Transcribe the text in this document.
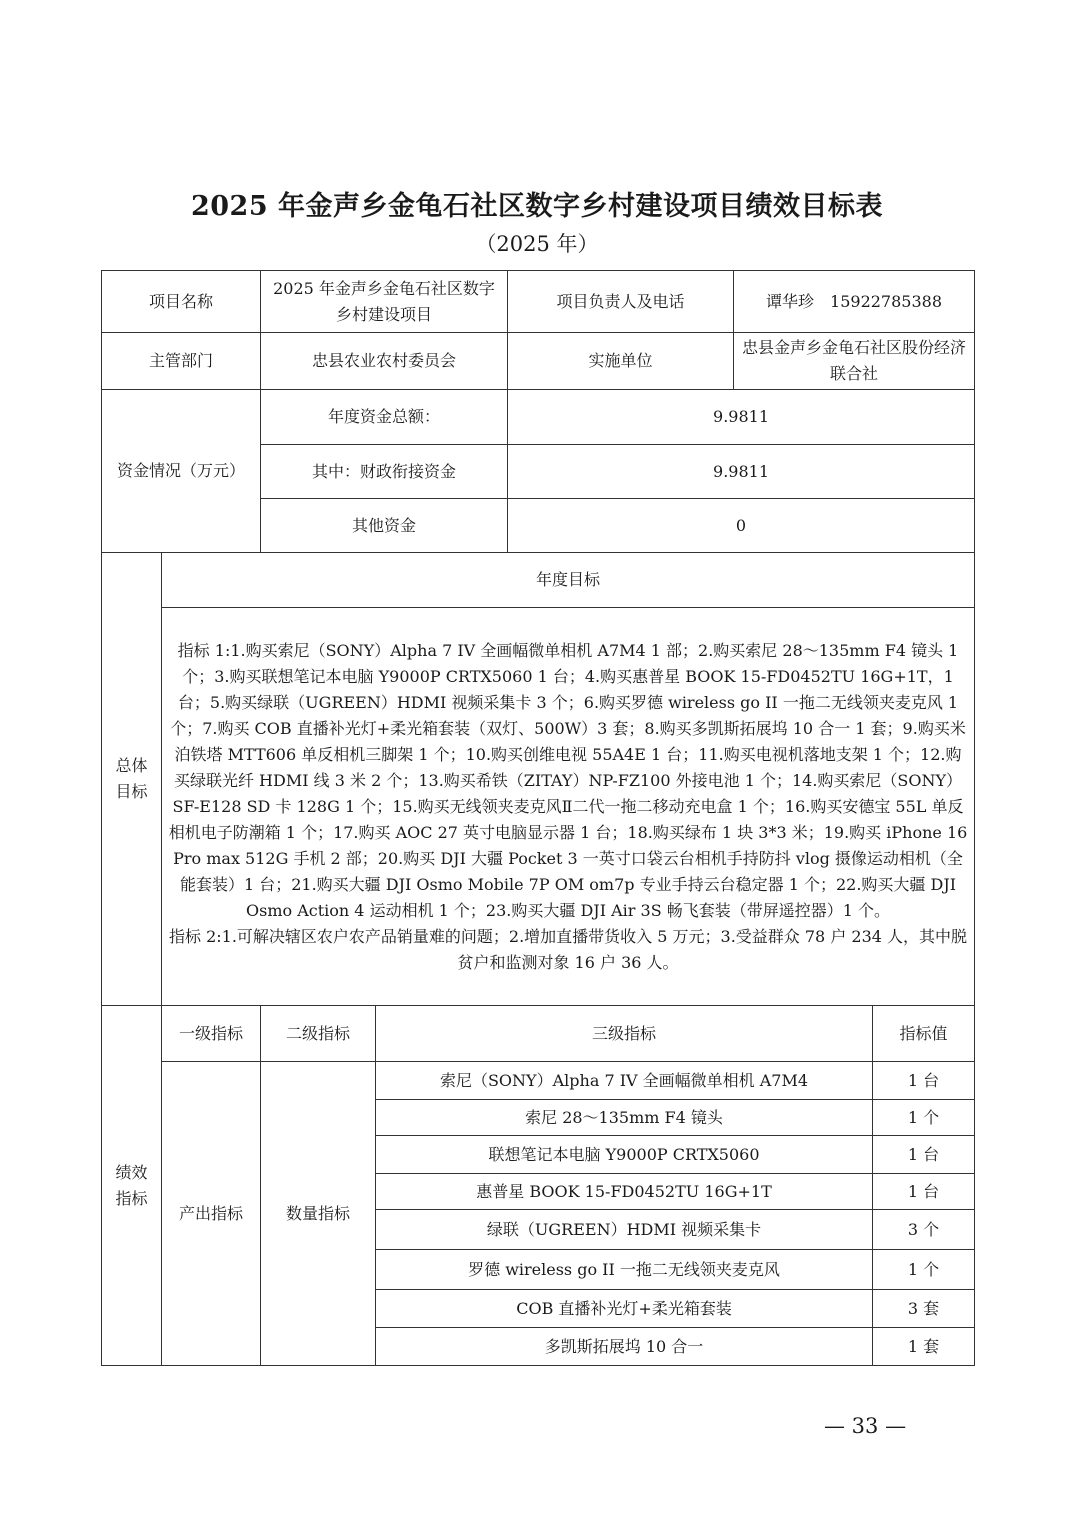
2025 年金声乡金龟石社区数字乡村建设项目绩效目标表
（2025 年）
项目名称		2025 年金声乡金龟石社区数字乡村建设项目		项目负责人及电话	谭华珍　15922785388	
主管部门		忠县农业农村委员会		实施单位	忠县金声乡金龟石社区股份经济联合社	
资金情况（万元）		年度资金总额：		9.9811		
		其中：财政衔接资金		9.9811		
		其他资金		0		
总体目标	年度目标					

	指标 1:1.购买索尼（SONY）Alpha 7 IV 全画幅微单相机 A7M4 1 部；2.购买索尼 28～135mm F4 镜头 1 个；3.购买联想笔记本电脑 Y9000P CRTX5060 1 台；4.购买惠普星 BOOK 15-FD0452TU 16G+1T，1 台；5.购买绿联（UGREEN）HDMI 视频采集卡 3 个；6.购买罗德 wireless go II 一拖二无线领夹麦克风 1 个；7.购买 COB 直播补光灯+柔光箱套装（双灯、500W）3 套；8.购买多凯斯拓展坞 10 合一 1 套；9.购买米泊铁塔 MTT606 单反相机三脚架 1 个；10.购买创维电视 55A4E 1 台；11.购买电视机落地支架 1 个；12.购买绿联光纤 HDMI 线 3 米 2 个；13.购买希铁（ZITAY）NP-FZ100 外接电池 1 个；14.购买索尼（SONY）SF-E128 SD 卡 128G 1 个；15.购买无线领夹麦克风Ⅱ二代一拖二移动充电盒 1 个；16.购买安德宝 55L 单反相机电子防潮箱 1 个；17.购买 AOC 27 英寸电脑显示器 1 台；18.购买绿布 1 块 3*3 米；19.购买 iPhone 16 Pro max 512G 手机 2 部；20.购买 DJI 大疆 Pocket 3 一英寸口袋云台相机手持防抖 vlog 摄像运动相机（全能套装）1 台；21.购买大疆 DJI Osmo Mobile 7P OM om7p 专业手持云台稳定器 1 个；22.购买大疆 DJI Osmo Action 4 运动相机 1 个；23.购买大疆 DJI Air 3S 畅飞套装（带屏遥控器）1 个。

指标 2:1.可解决辖区农户农产品销量难的问题；2.增加直播带货收入 5 万元；3.受益群众 78 户 234 人，其中脱贫户和监测对象 16 户 36 人。					

绩效指标	一级指标	二级指标	三级指标			指标值
	产出指标	数量指标	索尼（SONY）Alpha 7 IV 全画幅微单相机 A7M4			1 台
			索尼 28～135mm F4 镜头			1 个
			联想笔记本电脑 Y9000P CRTX5060			1 台
			惠普星 BOOK 15-FD0452TU 16G+1T			1 台
			绿联（UGREEN）HDMI 视频采集卡			3 个
			罗德 wireless go II 一拖二无线领夹麦克风			1 个
			COB 直播补光灯+柔光箱套装			3 套
			多凯斯拓展坞 10 合一			1 套
— 33 —
